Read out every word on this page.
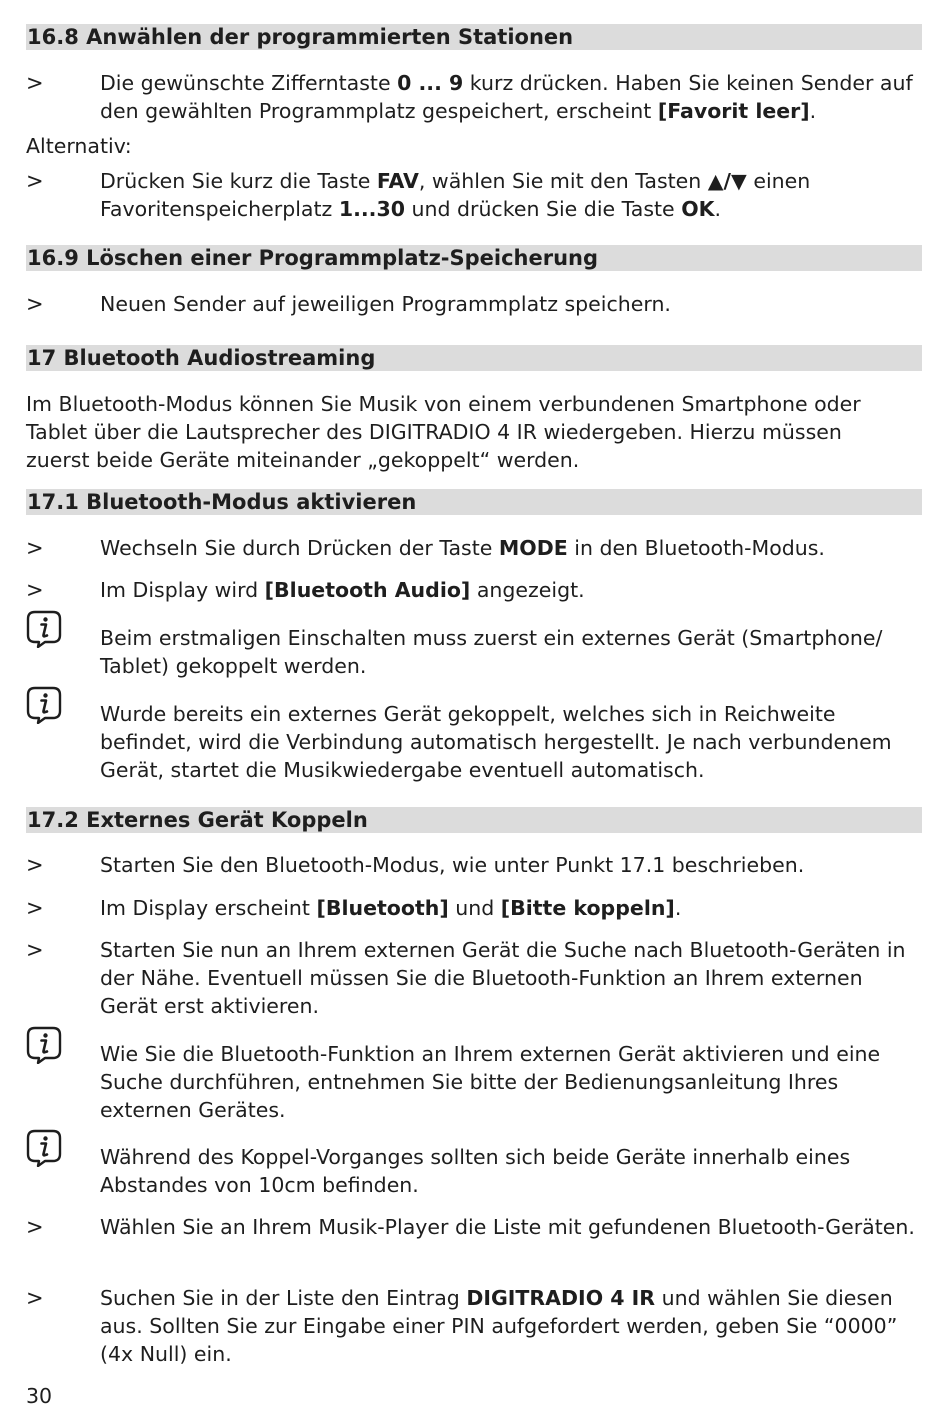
16.8 Anwählen der programmierten Stationen
>	Die gewünschte Zifferntaste 0 ... 9 kurz drücken. Haben Sie keinen Sender auf den gewählten Programmplatz gespeichert, erscheint [Favorit leer].
Alternativ:
>	Drücken Sie kurz die Taste FAV, wählen Sie mit den Tasten ▲/▼ einen Favoritenspeicherplatz 1...30 und drücken Sie die Taste OK.
16.9 Löschen einer Programmplatz-Speicherung
>	Neuen Sender auf jeweiligen Programmplatz speichern.
17 Bluetooth Audiostreaming
Im Bluetooth-Modus können Sie Musik von einem verbundenen Smartphone oder Tablet über die Lautsprecher des DIGITRADIO 4 IR wiedergeben. Hierzu müssen zuerst beide Geräte miteinander „gekoppelt“ werden.
17.1 Bluetooth-Modus aktivieren
>	Wechseln Sie durch Drücken der Taste MODE in den Bluetooth-Modus.
>	Im Display wird [Bluetooth Audio] angezeigt.
Beim erstmaligen Einschalten muss zuerst ein externes Gerät (Smartphone/ Tablet) gekoppelt werden.
Wurde bereits ein externes Gerät gekoppelt, welches sich in Reichweite befindet, wird die Verbindung automatisch hergestellt. Je nach verbundenem Gerät, startet die Musikwiedergabe eventuell automatisch.
17.2 Externes Gerät Koppeln
>	Starten Sie den Bluetooth-Modus, wie unter Punkt 17.1 beschrieben.
>	Im Display erscheint [Bluetooth] und [Bitte koppeln].
>	Starten Sie nun an Ihrem externen Gerät die Suche nach Bluetooth-Geräten in der Nähe. Eventuell müssen Sie die Bluetooth-Funktion an Ihrem externen Gerät erst aktivieren.
Wie Sie die Bluetooth-Funktion an Ihrem externen Gerät aktivieren und eine Suche durchführen, entnehmen Sie bitte der Bedienungsanleitung Ihres externen Gerätes.
Während des Koppel-Vorganges sollten sich beide Geräte innerhalb eines Abstandes von 10cm befinden.
>	Wählen Sie an Ihrem Musik-Player die Liste mit gefundenen Bluetooth-Geräten.
>	Suchen Sie in der Liste den Eintrag DIGITRADIO 4 IR und wählen Sie diesen aus. Sollten Sie zur Eingabe einer PIN aufgefordert werden, geben Sie “0000” (4x Null) ein.
30
